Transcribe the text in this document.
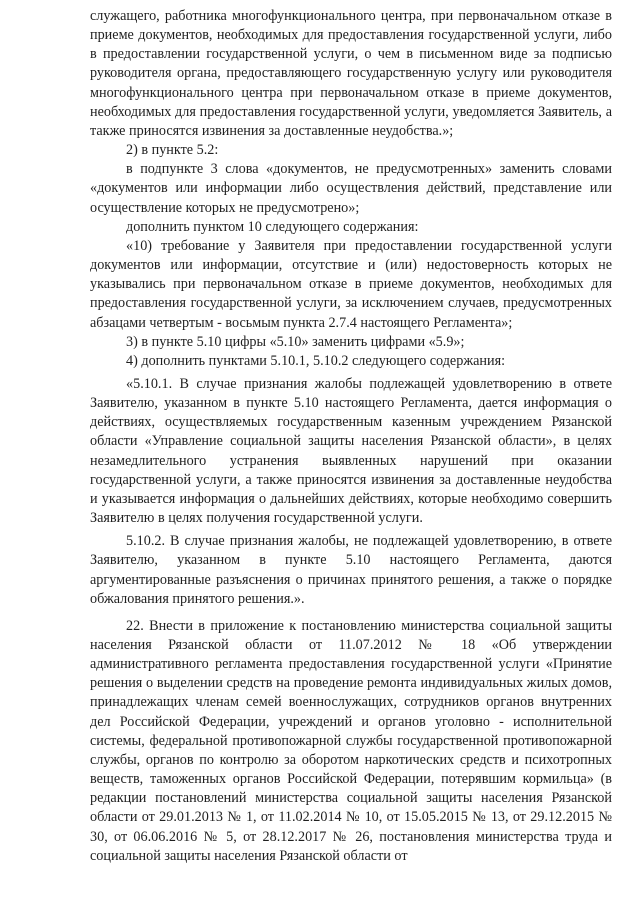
служащего, работника многофункционального центра, при первоначальном отказе в приеме документов, необходимых для предоставления государственной услуги, либо в предоставлении государственной услуги, о чем в письменном виде за подписью руководителя органа, предоставляющего государственную услугу или руководителя многофункционального центра при первоначальном отказе в приеме документов, необходимых для предоставления государственной услуги, уведомляется Заявитель, а также приносятся извинения за доставленные неудобства.»;

2) в пункте 5.2:

в подпункте 3 слова «документов, не предусмотренных» заменить словами «документов или информации либо осуществления действий, представление или осуществление которых не предусмотрено»;

дополнить пунктом 10 следующего содержания:

«10) требование у Заявителя при предоставлении государственной услуги документов или информации, отсутствие и (или) недостоверность которых не указывались при первоначальном отказе в приеме документов, необходимых для предоставления государственной услуги, за исключением случаев, предусмотренных абзацами четвертым - восьмым пункта 2.7.4 настоящего Регламента»;

3) в пункте 5.10 цифры «5.10» заменить цифрами «5.9»;

4) дополнить пунктами 5.10.1, 5.10.2 следующего содержания:

«5.10.1. В случае признания жалобы подлежащей удовлетворению в ответе Заявителю, указанном в пункте 5.10 настоящего Регламента, дается информация о действиях, осуществляемых государственным казенным учреждением Рязанской области «Управление социальной защиты населения Рязанской области», в целях незамедлительного устранения выявленных нарушений при оказании государственной услуги, а также приносятся извинения за доставленные неудобства и указывается информация о дальнейших действиях, которые необходимо совершить Заявителю в целях получения государственной услуги.

5.10.2. В случае признания жалобы, не подлежащей удовлетворению, в ответе Заявителю, указанном в пункте 5.10 настоящего Регламента, даются аргументированные разъяснения о причинах принятого решения, а также о порядке обжалования принятого решения.».

22. Внести в приложение к постановлению министерства социальной защиты населения Рязанской области от 11.07.2012 № 18 «Об утверждении административного регламента предоставления государственной услуги «Принятие решения о выделении средств на проведение ремонта индивидуальных жилых домов, принадлежащих членам семей военнослужащих, сотрудников органов внутренних дел Российской Федерации, учреждений и органов уголовно - исполнительной системы, федеральной противопожарной службы государственной противопожарной службы, органов по контролю за оборотом наркотических средств и психотропных веществ, таможенных органов Российской Федерации, потерявшим кормильца» (в редакции постановлений министерства социальной защиты населения Рязанской области от 29.01.2013 № 1, от 11.02.2014 № 10, от 15.05.2015 № 13, от 29.12.2015 № 30, от 06.06.2016 № 5, от 28.12.2017 № 26, постановления министерства труда и социальной защиты населения Рязанской области от
